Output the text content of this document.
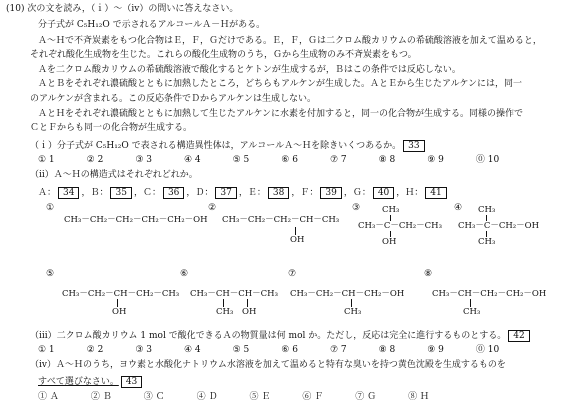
(10) 次の文を読み，（ｉ）～（iv）の問いに答えなさい。
分子式が C₅H₁₂O で示されるアルコールＡ－Ｈがある。
Ａ～Ｈで不斉炭素をもつ化合物はＥ，Ｆ，Ｇだけである。Ｅ，Ｆ，Ｇは二クロム酸カリウムの希硫酸溶液を加えて温めると，
それぞれ酸化生成物を生じた。これらの酸化生成物のうち，Ｇから生成物のみ不斉炭素をもつ。
Ａを二クロム酸カリウムの希硫酸溶液で酸化するとケトンが生成するが，Ｂはこの条件では反応しない。
ＡとＢをそれぞれ濃硫酸とともに加熱したところ，どちらもアルケンが生成した。ＡとＥから生じたアルケンには，同一
のアルケンが含まれる。この反応条件でＤからアルケンは生成しない。
ＡとＨをそれぞれ濃硫酸とともに加熱して生じたアルケンに水素を付加すると，同一の化合物が生成する。同様の操作で
ＣとＦからも同一の化合物が生成する。
（ｉ）分子式が C₅H₁₂O で表される構造異性体は，アルコールＡ～Ｈを除きいくつあるか。 33
① 1	② 2	③ 3	④ 4	⑤ 5	⑥ 6	⑦ 7	⑧ 8	⑨ 9	⓪ 10
（ii）Ａ～Ｈの構造式はそれぞれどれか。
Ａ： 34 ，Ｂ： 35 ，Ｃ： 36 ，Ｄ： 37 ，Ｅ： 38 ，Ｆ： 39 ，Ｇ： 40 ，Ｈ： 41
①
CH₃－CH₂－CH₂－CH₂－CH₂－OH
②
CH₃－CH₂－CH₂－CH－CH₃
OH
③	CH₃
CH₃－C－CH₂－CH₃
OH
④ CH₃
CH₃－C－CH₂－OH
CH₃
⑤
CH₃－CH₂－CH－CH₂－CH₃
OH
⑥
CH₃－CH－CH－CH₃
CH₃ OH
⑦
CH₃－CH₂－CH－CH₂－OH
CH₃
⑧
CH₃－CH－CH₂－CH₂－OH
CH₃
（iii）二クロム酸カリウム 1 mol で酸化できるＡの物質量は何 mol か。ただし，反応は完全に進行するものとする。 42
① 1	② 2	③ 3	④ 4	⑤ 5	⑥ 6	⑦ 7	⑧ 8	⑨ 9	⓪ 10
（iv）Ａ～Ｈのうち，ヨウ素と水酸化ナトリウム水溶液を加えて温めると特有な臭いを持つ黄色沈殿を生成するものを
すべて選びなさい。 43
① Ａ	② Ｂ	③ Ｃ	④ Ｄ	⑤ Ｅ	⑥ Ｆ	⑦ Ｇ	⑧ Ｈ
